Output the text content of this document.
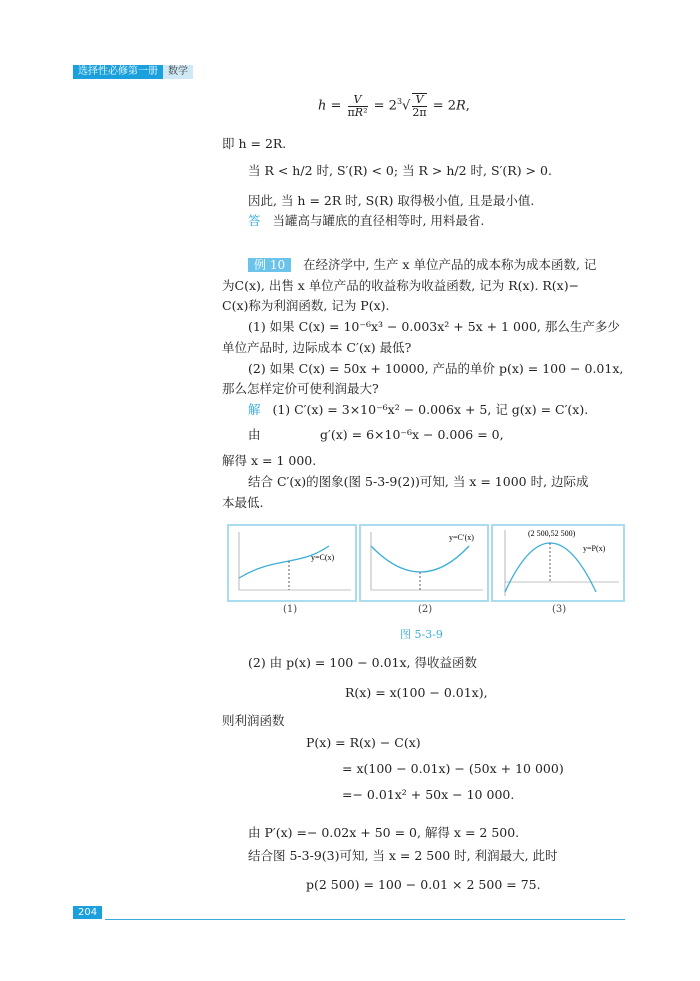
选择性必修第一册	数学
$h = \frac{V}{\text{πR²}} = 2^3√ \frac{V}{2\pi} = 2R$,
即 h = 2R.
当 R < h/2 时, S′(R) < 0; 当 R > h/2 时, S′(R) > 0.
因此, 当 h = 2R 时, S(R) 取得极小值, 且是最小值.
答 当罐高与罐底的直径相等时, 用料最省.
例 10 在经济学中, 生产 x 单位产品的成本称为成本函数, 记
为C(x), 出售 x 单位产品的收益称为收益函数, 记为 R(x). R(x)−
C(x)称为利润函数, 记为 P(x).
(1) 如果 C(x) = 10⁻⁶x³ − 0.003x² + 5x + 1 000, 那么生产多少
单位产品时, 边际成本 C′(x) 最低?
(2) 如果 C(x) = 50x + 10000, 产品的单价 p(x) = 100 − 0.01x,
那么怎样定价可使利润最大?
解 (1) C′(x) = 3×10⁻⁶x² − 0.006x + 5, 记 g(x) = C′(x).
由	g′(x) = 6×10⁻⁶x − 0.006 = 0,
解得 x = 1 000.
结合 C′(x)的图象(图 5-3-9(2))可知, 当 x = 1000 时, 边际成
本最低.
y=C(x)
y=C′(x)	(2 500,52 500)
y=P(x)
(1)	(2)	(3)
图 5-3-9
(2) 由 p(x) = 100 − 0.01x, 得收益函数
R(x) = x(100 − 0.01x),
则利润函数
P(x) = R(x) − C(x)
= x(100 − 0.01x) − (50x + 10 000)
=− 0.01x² + 50x − 10 000.
由 P′(x) =− 0.02x + 50 = 0, 解得 x = 2 500.
结合图 5-3-9(3)可知, 当 x = 2 500 时, 利润最大, 此时
p(2 500) = 100 − 0.01 × 2 500 = 75.
204
